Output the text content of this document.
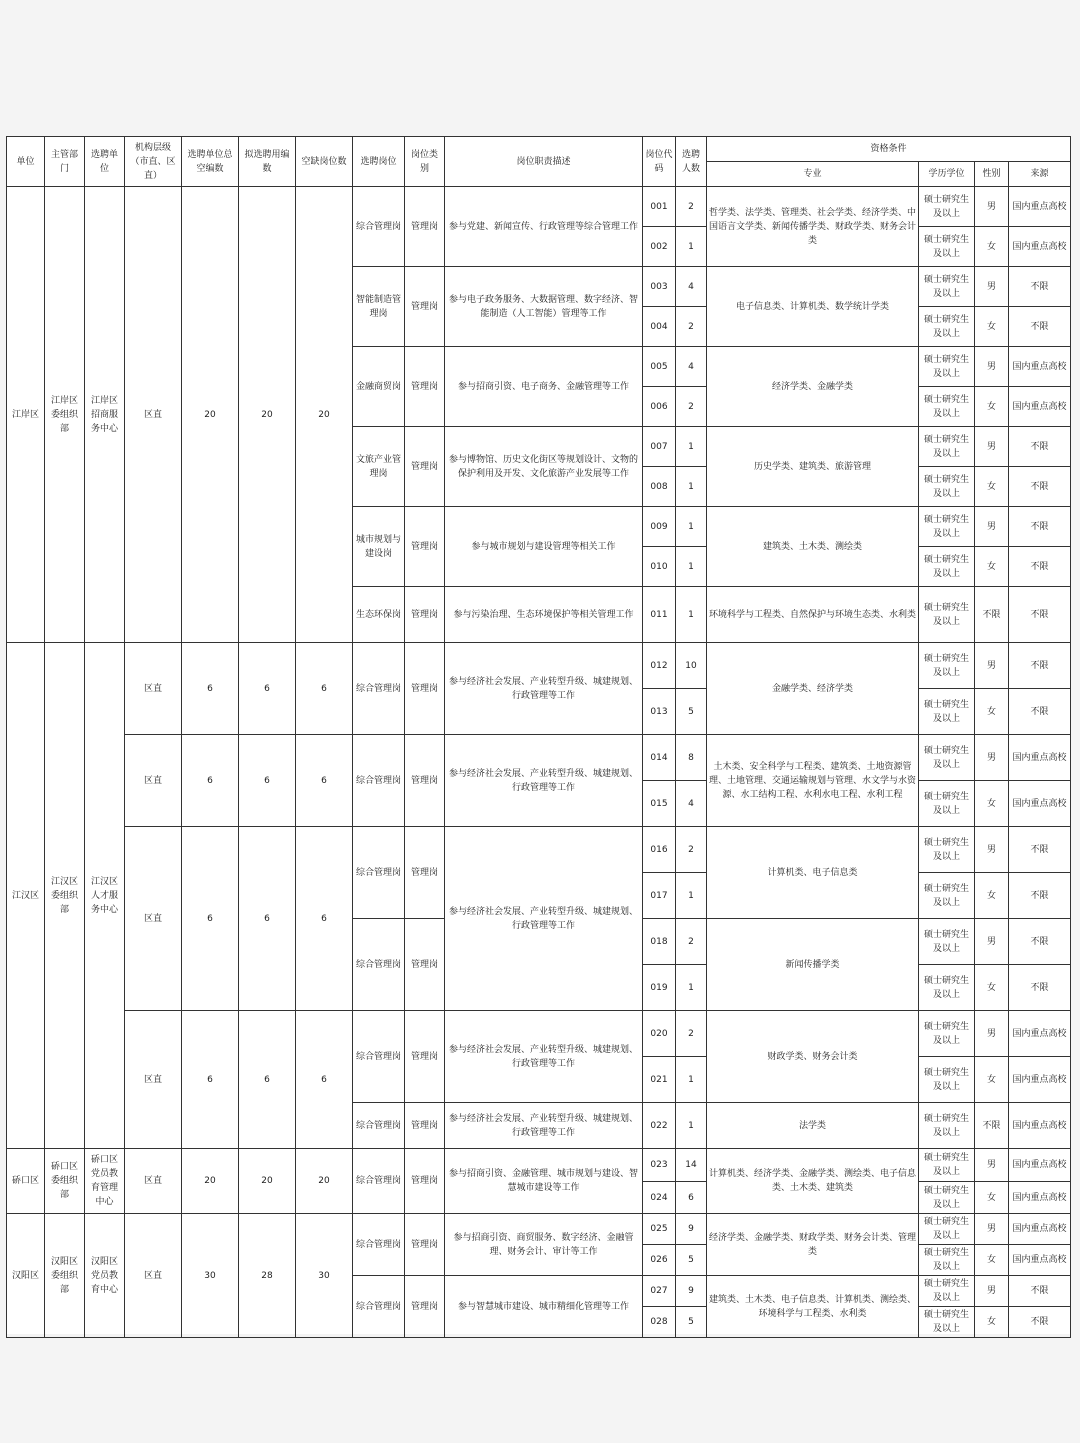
单位	主管部门	选聘单位	机构层级（市直、区直）	选聘单位总空编数	拟选聘用编数	空缺岗位数	选聘岗位	岗位类别	岗位职责描述	岗位代码	选聘人数	资格条件			
												专业	学历学位	性别	来源
江岸区	江岸区委组织部	江岸区招商服务中心	区直	20	20	20	综合管理岗	管理岗	参与党建、新闻宣传、行政管理等综合管理工作	001	2	哲学类、法学类、管理类、社会学类、经济学类、中国语言文学类、新闻传播学类、财政学类、财务会计类	硕士研究生及以上	男	国内重点高校
										002	1		硕士研究生及以上	女	国内重点高校
							智能制造管理岗	管理岗	参与电子政务服务、大数据管理、数字经济、智能制造（人工智能）管理等工作	003	4	电子信息类、计算机类、数学统计学类	硕士研究生及以上	男	不限
										004	2		硕士研究生及以上	女	不限
							金融商贸岗	管理岗	参与招商引资、电子商务、金融管理等工作	005	4	经济学类、金融学类	硕士研究生及以上	男	国内重点高校
										006	2		硕士研究生及以上	女	国内重点高校
							文旅产业管理岗	管理岗	参与博物馆、历史文化街区等规划设计、文物的保护利用及开发、文化旅游产业发展等工作	007	1	历史学类、建筑类、旅游管理	硕士研究生及以上	男	不限
										008	1		硕士研究生及以上	女	不限
							城市规划与建设岗	管理岗	参与城市规划与建设管理等相关工作	009	1	建筑类、土木类、测绘类	硕士研究生及以上	男	不限
										010	1		硕士研究生及以上	女	不限
							生态环保岗	管理岗	参与污染治理、生态环境保护等相关管理工作	011	1	环境科学与工程类、自然保护与环境生态类、水利类	硕士研究生及以上	不限	不限
江汉区	江汉区委组织部	江汉区人才服务中心	区直	6	6	6	综合管理岗	管理岗	参与经济社会发展、产业转型升级、城建规划、行政管理等工作	012	10	金融学类、经济学类	硕士研究生及以上	男	不限
										013	5		硕士研究生及以上	女	不限
			区直	6	6	6	综合管理岗	管理岗	参与经济社会发展、产业转型升级、城建规划、行政管理等工作	014	8	土木类、安全科学与工程类、建筑类、土地资源管理、土地管理、交通运输规划与管理、水文学与水资源、水工结构工程、水利水电工程、水利工程	硕士研究生及以上	男	国内重点高校
										015	4		硕士研究生及以上	女	国内重点高校
			区直	6	6	6	综合管理岗	管理岗	参与经济社会发展、产业转型升级、城建规划、行政管理等工作	016	2	计算机类、电子信息类	硕士研究生及以上	男	不限
										017	1		硕士研究生及以上	女	不限
							综合管理岗	管理岗		018	2	新闻传播学类	硕士研究生及以上	男	不限
										019	1		硕士研究生及以上	女	不限
			区直	6	6	6	综合管理岗	管理岗	参与经济社会发展、产业转型升级、城建规划、行政管理等工作	020	2	财政学类、财务会计类	硕士研究生及以上	男	国内重点高校
										021	1		硕士研究生及以上	女	国内重点高校
							综合管理岗	管理岗	参与经济社会发展、产业转型升级、城建规划、行政管理等工作	022	1	法学类	硕士研究生及以上	不限	国内重点高校
硚口区	硚口区委组织部	硚口区党员教育管理中心	区直	20	20	20	综合管理岗	管理岗	参与招商引资、金融管理、城市规划与建设、智慧城市建设等工作	023	14	计算机类、经济学类、金融学类、测绘类、电子信息类、土木类、建筑类	硕士研究生及以上	男	国内重点高校
										024	6		硕士研究生及以上	女	国内重点高校
汉阳区	汉阳区委组织部	汉阳区党员教育中心	区直	30	28	30	综合管理岗	管理岗	参与招商引资、商贸服务、数字经济、金融管理、财务会计、审计等工作	025	9	经济学类、金融学类、财政学类、财务会计类、管理类	硕士研究生及以上	男	国内重点高校
										026	5		硕士研究生及以上	女	国内重点高校
							综合管理岗	管理岗	参与智慧城市建设、城市精细化管理等工作	027	9	建筑类、土木类、电子信息类、计算机类、测绘类、环境科学与工程类、水利类	硕士研究生及以上	男	不限
										028	5		硕士研究生及以上	女	不限
